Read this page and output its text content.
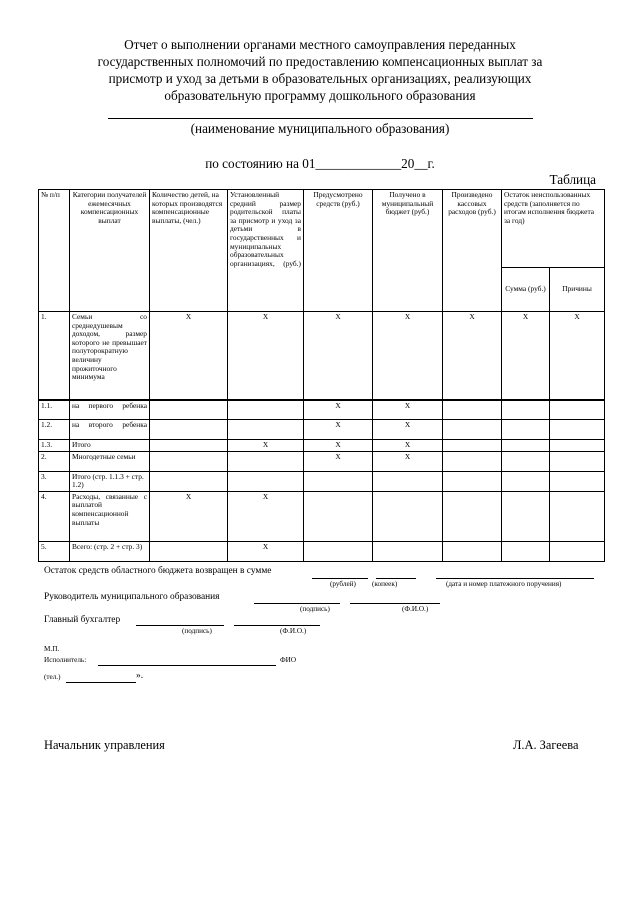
Отчет о выполнении органами местного самоуправления переданных
государственных полномочий по предоставлению компенсационных выплат за
присмотр и уход за детьми в образовательных организациях, реализующих
образовательную программу дошкольного образования
(наименование муниципального образования)
по состоянию на 01_____________20__г.
Таблица
№ п/п	Категории получателей ежемесячных компенсационных выплат	Количество детей, на которых производятся компенсационные выплаты, (чел.)	Установленный средний размер родительской платы за присмотр и уход за детьми в государственных и муниципальных образовательных организациях, (руб.)	Предусмотрено средств (руб.)	Получено в муниципальный бюджет (руб.)	Произведено кассовых расходов (руб.)	Остаток неиспользованных средств (заполняется по итогам исполнения бюджета за год)	
							Сумма (руб.)	Причины
1.	Семьи со среднедушевым доходом, размер которого не превышает полуторократную величину прожиточного минимума	X	X	X	X	X	X	X
1.1.	на первого ребенка			X	X			
1.2.	на второго ребенка			X	X			
1.3.	Итого		X	X	X			
2.	Многодетные семьи			X	X			
3.	Итого (стр. 1.1.3 + стр. 1.2)							
4.	Расходы, связанные с выплатой компенсационной выплаты	X	X					
5.	Всего: (стр. 2 + стр. 3)		X					
Остаток средств областного бюджета возвращен в сумме
(рублей) (копеек)	(дата и номер платежного поручения)
Руководитель муниципального образования
(подпись)	(Ф.И.О.)
Главный бухгалтер
(подпись)	(Ф.И.О.)
М.П.
Исполнитель:	ФИО
(тел.)	».
Начальник управления	Л.А. Загеева
